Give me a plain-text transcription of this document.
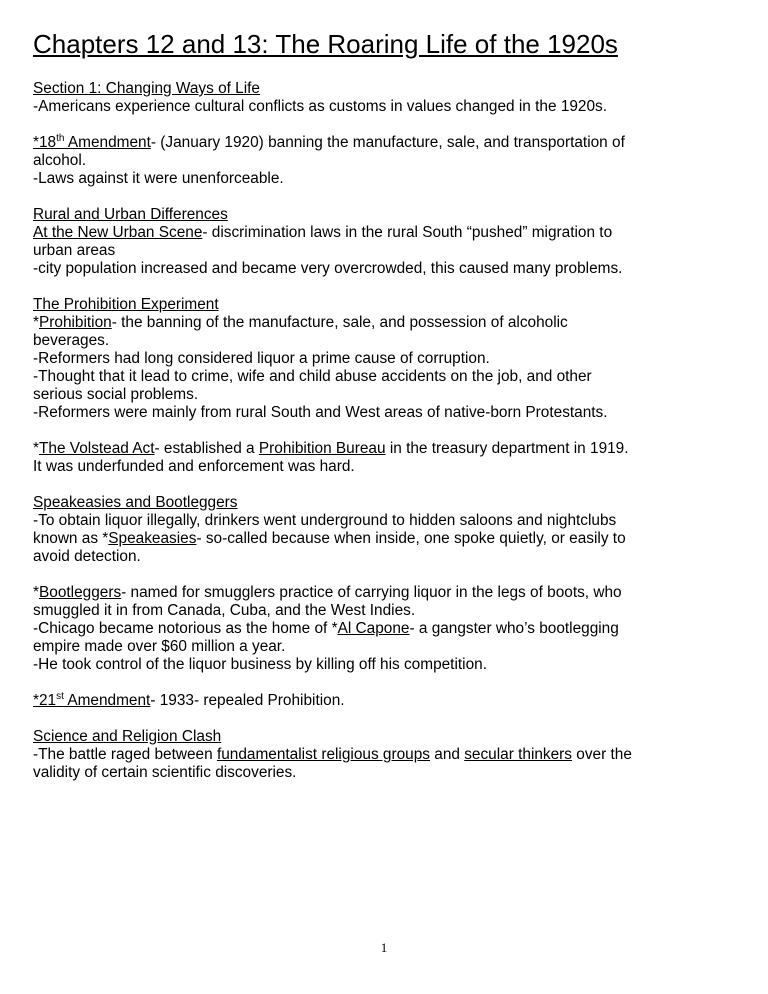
Chapters 12 and 13: The Roaring Life of the 1920s
Section 1: Changing Ways of Life
-Americans experience cultural conflicts as customs in values changed in the 1920s.
*18th Amendment- (January 1920) banning the manufacture, sale, and transportation of
alcohol.
-Laws against it were unenforceable.
Rural and Urban Differences
At the New Urban Scene- discrimination laws in the rural South “pushed” migration to
urban areas
-city population increased and became very overcrowded, this caused many problems.
The Prohibition Experiment
*Prohibition- the banning of the manufacture, sale, and possession of alcoholic
beverages.
-Reformers had long considered liquor a prime cause of corruption.
-Thought that it lead to crime, wife and child abuse accidents on the job, and other
serious social problems.
-Reformers were mainly from rural South and West areas of native-born Protestants.
*The Volstead Act- established a Prohibition Bureau in the treasury department in 1919.
It was underfunded and enforcement was hard.
Speakeasies and Bootleggers
-To obtain liquor illegally, drinkers went underground to hidden saloons and nightclubs
known as *Speakeasies- so-called because when inside, one spoke quietly, or easily to
avoid detection.
*Bootleggers- named for smugglers practice of carrying liquor in the legs of boots, who
smuggled it in from Canada, Cuba, and the West Indies.
-Chicago became notorious as the home of *Al Capone- a gangster who’s bootlegging
empire made over $60 million a year.
-He took control of the liquor business by killing off his competition.
*21st Amendment- 1933- repealed Prohibition.
Science and Religion Clash
-The battle raged between fundamentalist religious groups and secular thinkers over the
validity of certain scientific discoveries.
1
